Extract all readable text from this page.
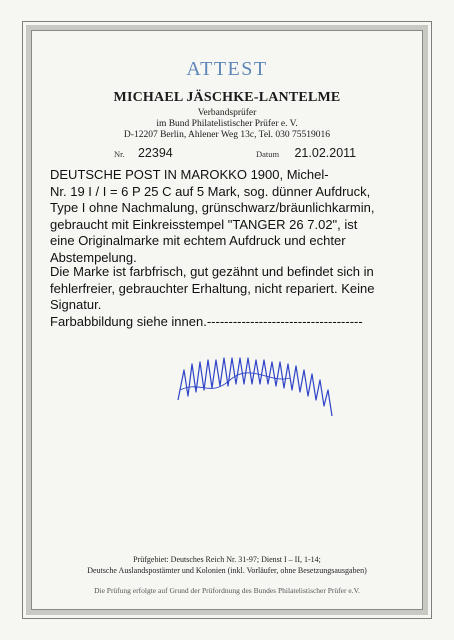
ATTEST
MICHAEL JÄSCHKE-LANTELME
Verbandsprüfer
im Bund Philatelistischer Prüfer e. V.
D-12207 Berlin, Ahlener Weg 13c, Tel. 030 75519016
Nr. 22394	Datum 21.02.2011
DEUTSCHE POST IN MAROKKO 1900, Michel-
Nr. 19 I / I = 6 P 25 C auf 5 Mark, sog. dünner Aufdruck,
Type I ohne Nachmalung, grünschwarz/bräunlichkarmin,
gebraucht mit Einkreisstempel "TANGER 26 7.02", ist
eine Originalmarke mit echtem Aufdruck und echter
Abstempelung.
Die Marke ist farbfrisch, gut gezähnt und befindet sich in
fehlerfreier, gebrauchter Erhaltung, nicht repariert. Keine
Signatur.
Farbabbildung siehe innen.------------------------------------
Prüfgebiet: Deutsches Reich Nr. 31-97; Dienst I – II, 1-14;
Deutsche Auslandspostämter und Kolonien (inkl. Vorläufer, ohne Besetzungsausgaben)
Die Prüfung erfolgte auf Grund der Prüfordnung des Bundes Philatelistischer Prüfer e.V.
